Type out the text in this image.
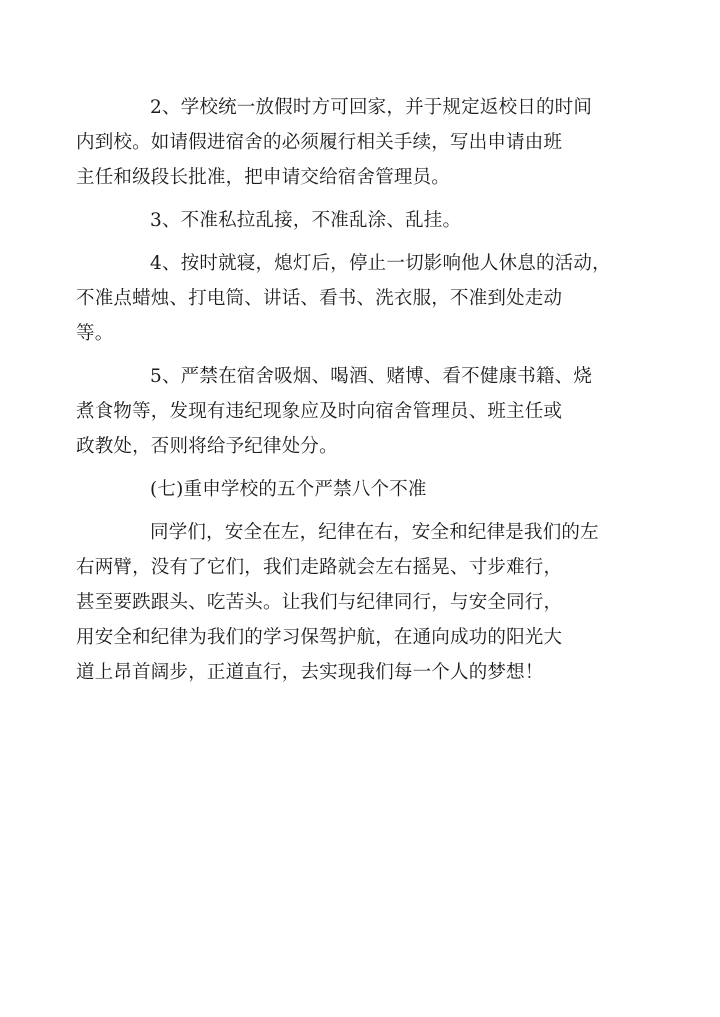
2、学校统一放假时方可回家，并于规定返校日的时间
内到校。如请假进宿舍的必须履行相关手续，写出申请由班
主任和级段长批准，把申请交给宿舍管理员。

3、不准私拉乱接，不准乱涂、乱挂。

4、按时就寝，熄灯后，停止一切影响他人休息的活动，
不准点蜡烛、打电筒、讲话、看书、洗衣服，不准到处走动
等。

5、严禁在宿舍吸烟、喝酒、赌博、看不健康书籍、烧
煮食物等，发现有违纪现象应及时向宿舍管理员、班主任或
政教处，否则将给予纪律处分。

(七)重申学校的五个严禁八个不准

同学们，安全在左，纪律在右，安全和纪律是我们的左
右两臂，没有了它们，我们走路就会左右摇晃、寸步难行，
甚至要跌跟头、吃苦头。让我们与纪律同行，与安全同行，
用安全和纪律为我们的学习保驾护航，在通向成功的阳光大
道上昂首阔步，正道直行，去实现我们每一个人的梦想！
